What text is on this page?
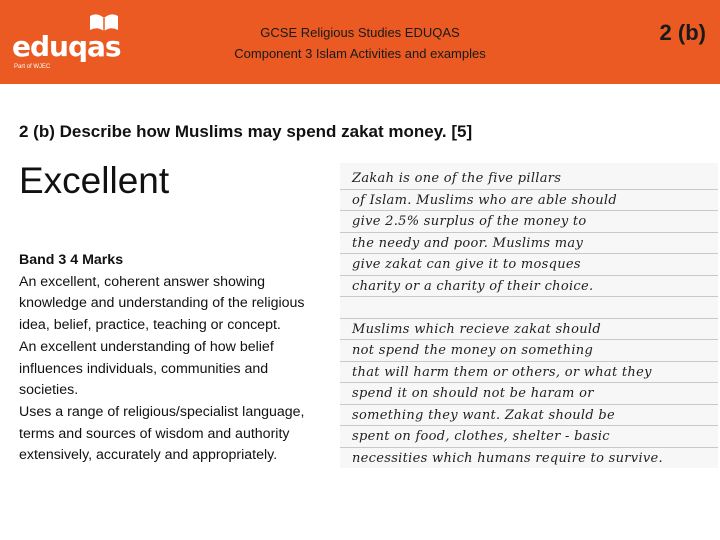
eduqas
Part of WJEC
GCSE Religious Studies EDUQAS
Component 3 Islam Activities and examples
2 (b)
2 (b) Describe how Muslims may spend zakat money. [5]
Excellent

Band 3 4 Marks

An excellent, coherent answer showing knowledge and understanding of the religious idea, belief, practice, teaching or concept.

An excellent understanding of how belief influences individuals, communities and societies.

Uses a range of religious/specialist language, terms and sources of wisdom and authority extensively, accurately and appropriately.

Zakah is one of the five pillars
of Islam. Muslims who are able should
give 2.5% surplus of the money to
the needy and poor. Muslims may
give zakat can give it to mosques
charity or a charity of their choice.
Muslims which recieve zakat should
not spend the money on something
that will harm them or others, or what they
spend it on should not be haram or
something they want. Zakat should be
spent on food, clothes, shelter - basic
necessities which humans require to survive.
